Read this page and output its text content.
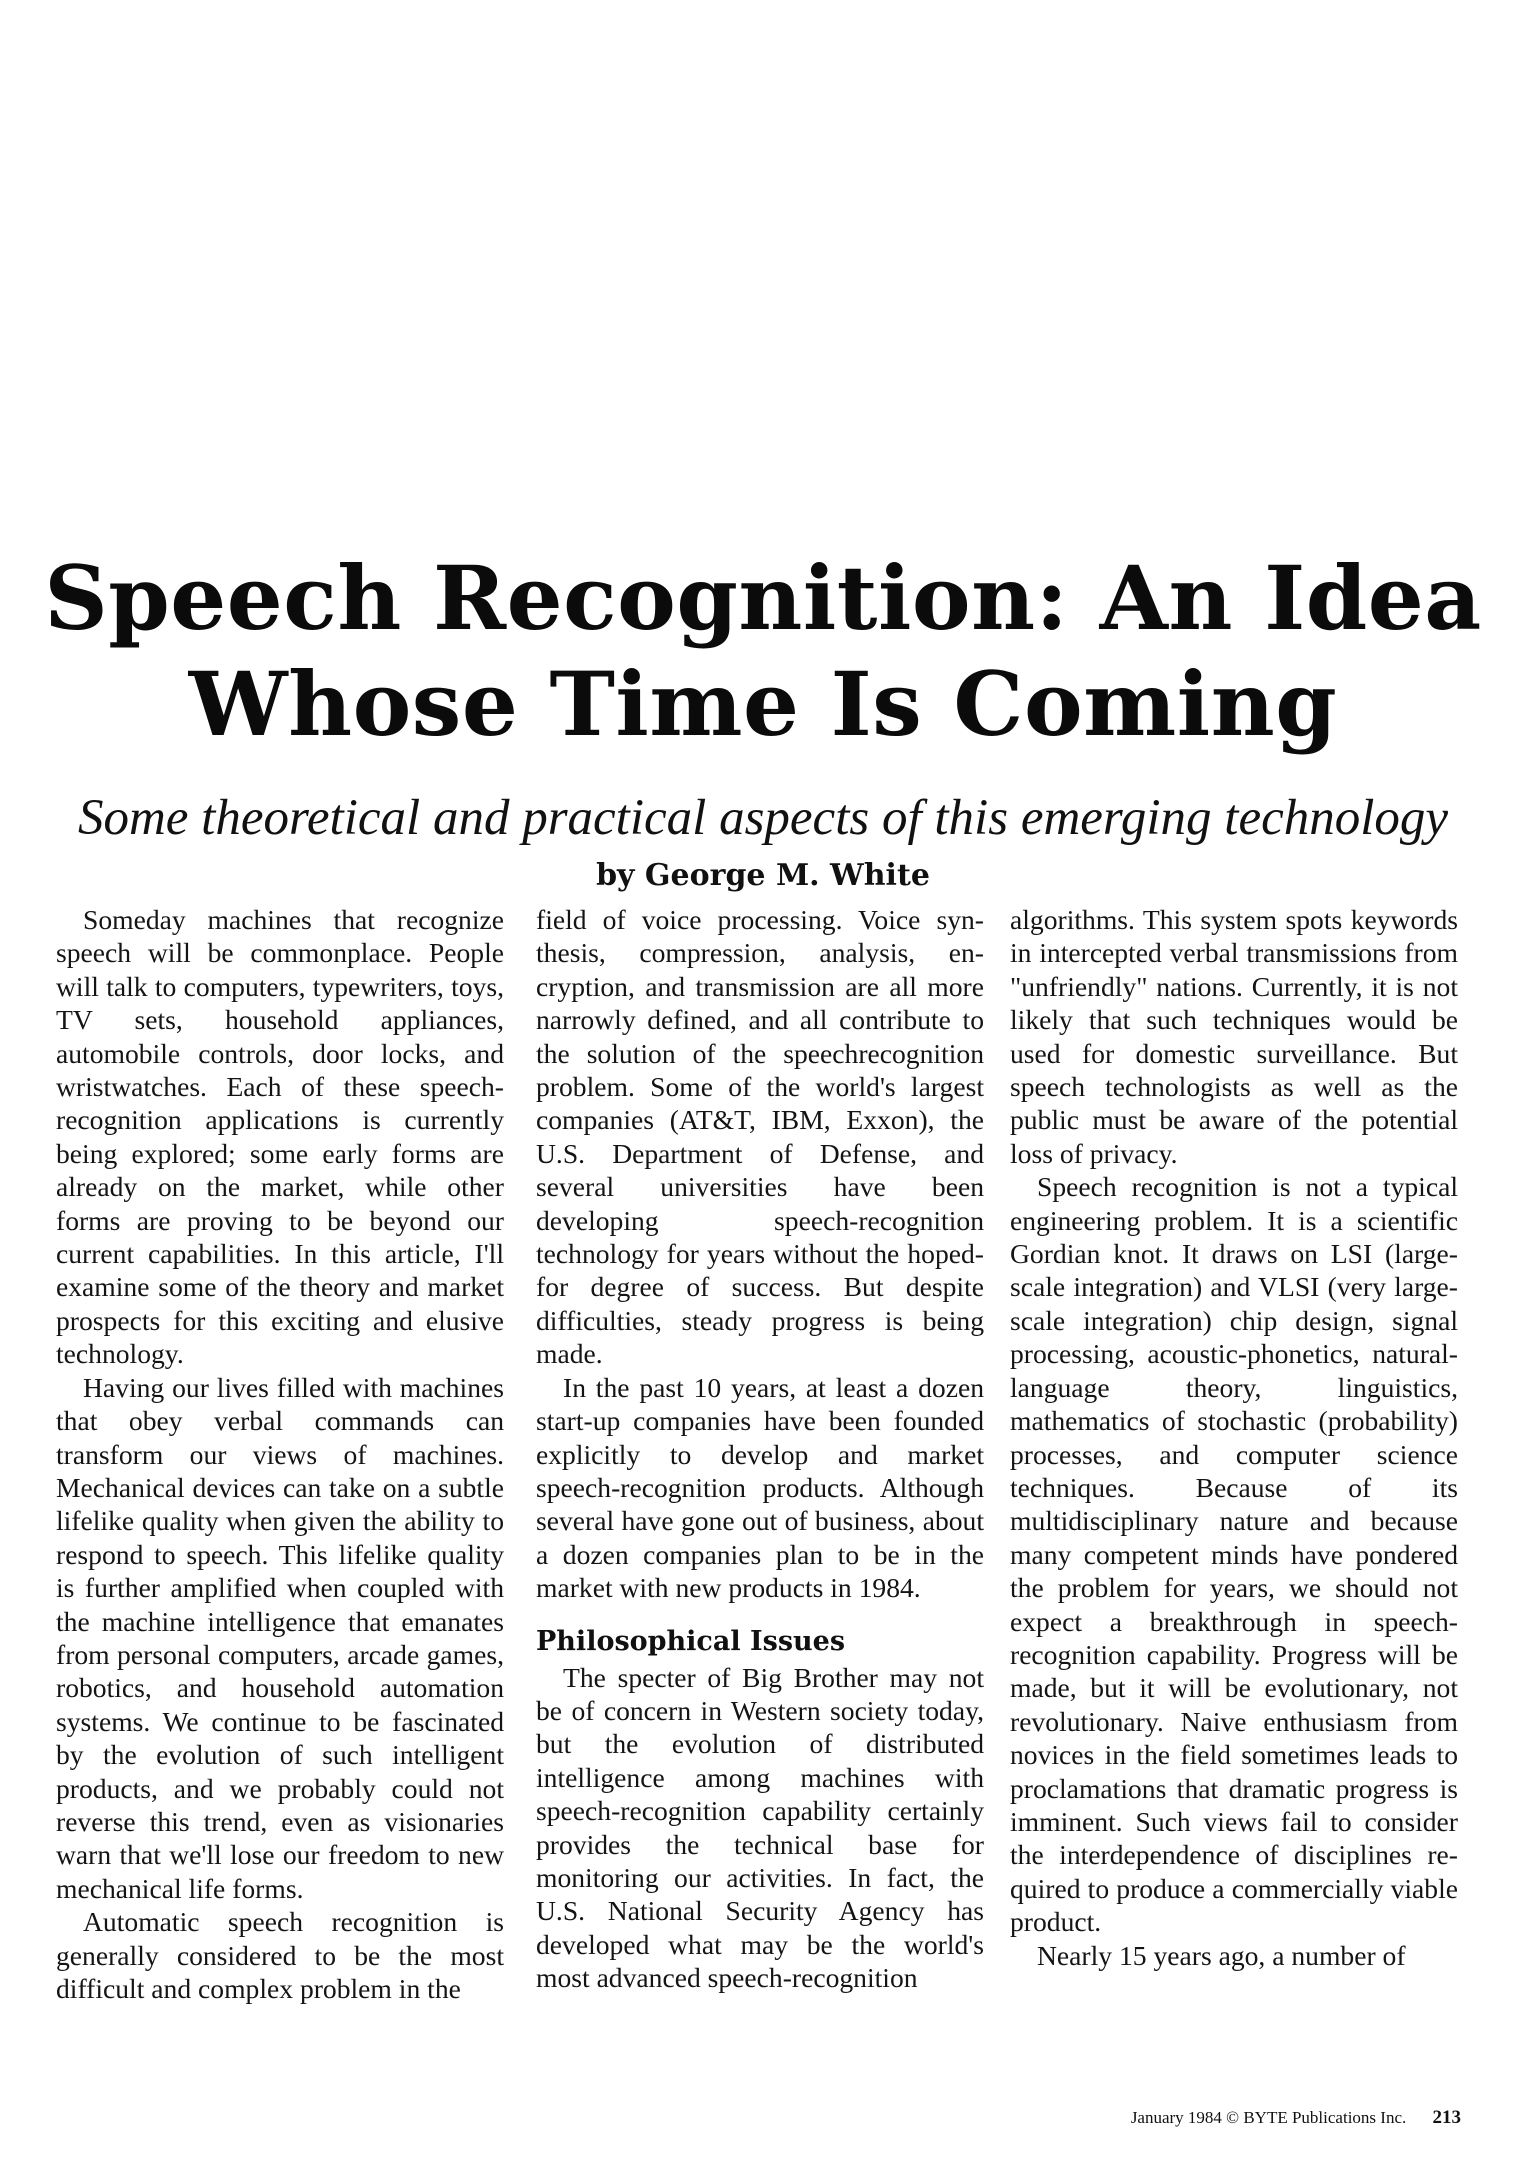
Speech Recognition: An Idea
Whose Time Is Coming
Some theoretical and practical aspects of this emerging technology
by George M. White

Someday machines that recognize speech will be commonplace. People will talk to computers, typewriters, toys, TV sets, household appliances, automobile controls, door locks, and wristwatches. Each of these speechrecognition applications is currently being explored; some early forms are already on the market, while other forms are proving to be beyond our current capabilities. In this article, I'll examine some of the theory and market prospects for this exciting and elusive technology.

Having our lives filled with machines that obey verbal commands can transform our views of machines. Mechanical devices can take on a subtle lifelike quality when given the ability to respond to speech. This lifelike quality is further amplified when coupled with the machine intelligence that emanates from personal computers, arcade games, robotics, and household automation systems. We continue to be fascinated by the evolution of such intelligent products, and we probably could not reverse this trend, even as visionaries warn that we'll lose our freedom to new mechanical life forms.

Automatic speech recognition is generally considered to be the most difficult and complex problem in the

field of voice processing. Voice synthesis, compression, analysis, encryption, and transmission are all more narrowly defined, and all contribute to the solution of the speechrecognition problem. Some of the world's largest companies (AT&T, IBM, Exxon), the U.S. Department of Defense, and several universities have been developing speech-recognition technology for years without the hoped-for degree of success. But despite difficulties, steady progress is being made.

In the past 10 years, at least a dozen start-up companies have been founded explicitly to develop and market speech-recognition products. Although several have gone out of business, about a dozen companies plan to be in the market with new products in 1984.

Philosophical Issues

The specter of Big Brother may not be of concern in Western society today, but the evolution of distributed intelligence among machines with speech-recognition capability certainly provides the technical base for monitoring our activities. In fact, the U.S. National Security Agency has developed what may be the world's most advanced speech-recognition

algorithms. This system spots keywords in intercepted verbal transmissions from "unfriendly" nations. Currently, it is not likely that such techniques would be used for domestic surveillance. But speech technologists as well as the public must be aware of the potential loss of privacy.

Speech recognition is not a typical engineering problem. It is a scientific Gordian knot. It draws on LSI (large-scale integration) and VLSI (very large-scale integration) chip design, signal processing, acoustic-phonetics, natural-language theory, linguistics, mathematics of stochastic (probability) processes, and computer science techniques. Because of its multidisciplinary nature and because many competent minds have pondered the problem for years, we should not expect a breakthrough in speech-recognition capability. Progress will be made, but it will be evolutionary, not revolutionary. Naive enthusiasm from novices in the field sometimes leads to proclamations that dramatic progress is imminent. Such views fail to consider the interdependence of disciplines required to produce a commercially viable product.

Nearly 15 years ago, a number of

January 1984 © BYTE Publications Inc. 213
